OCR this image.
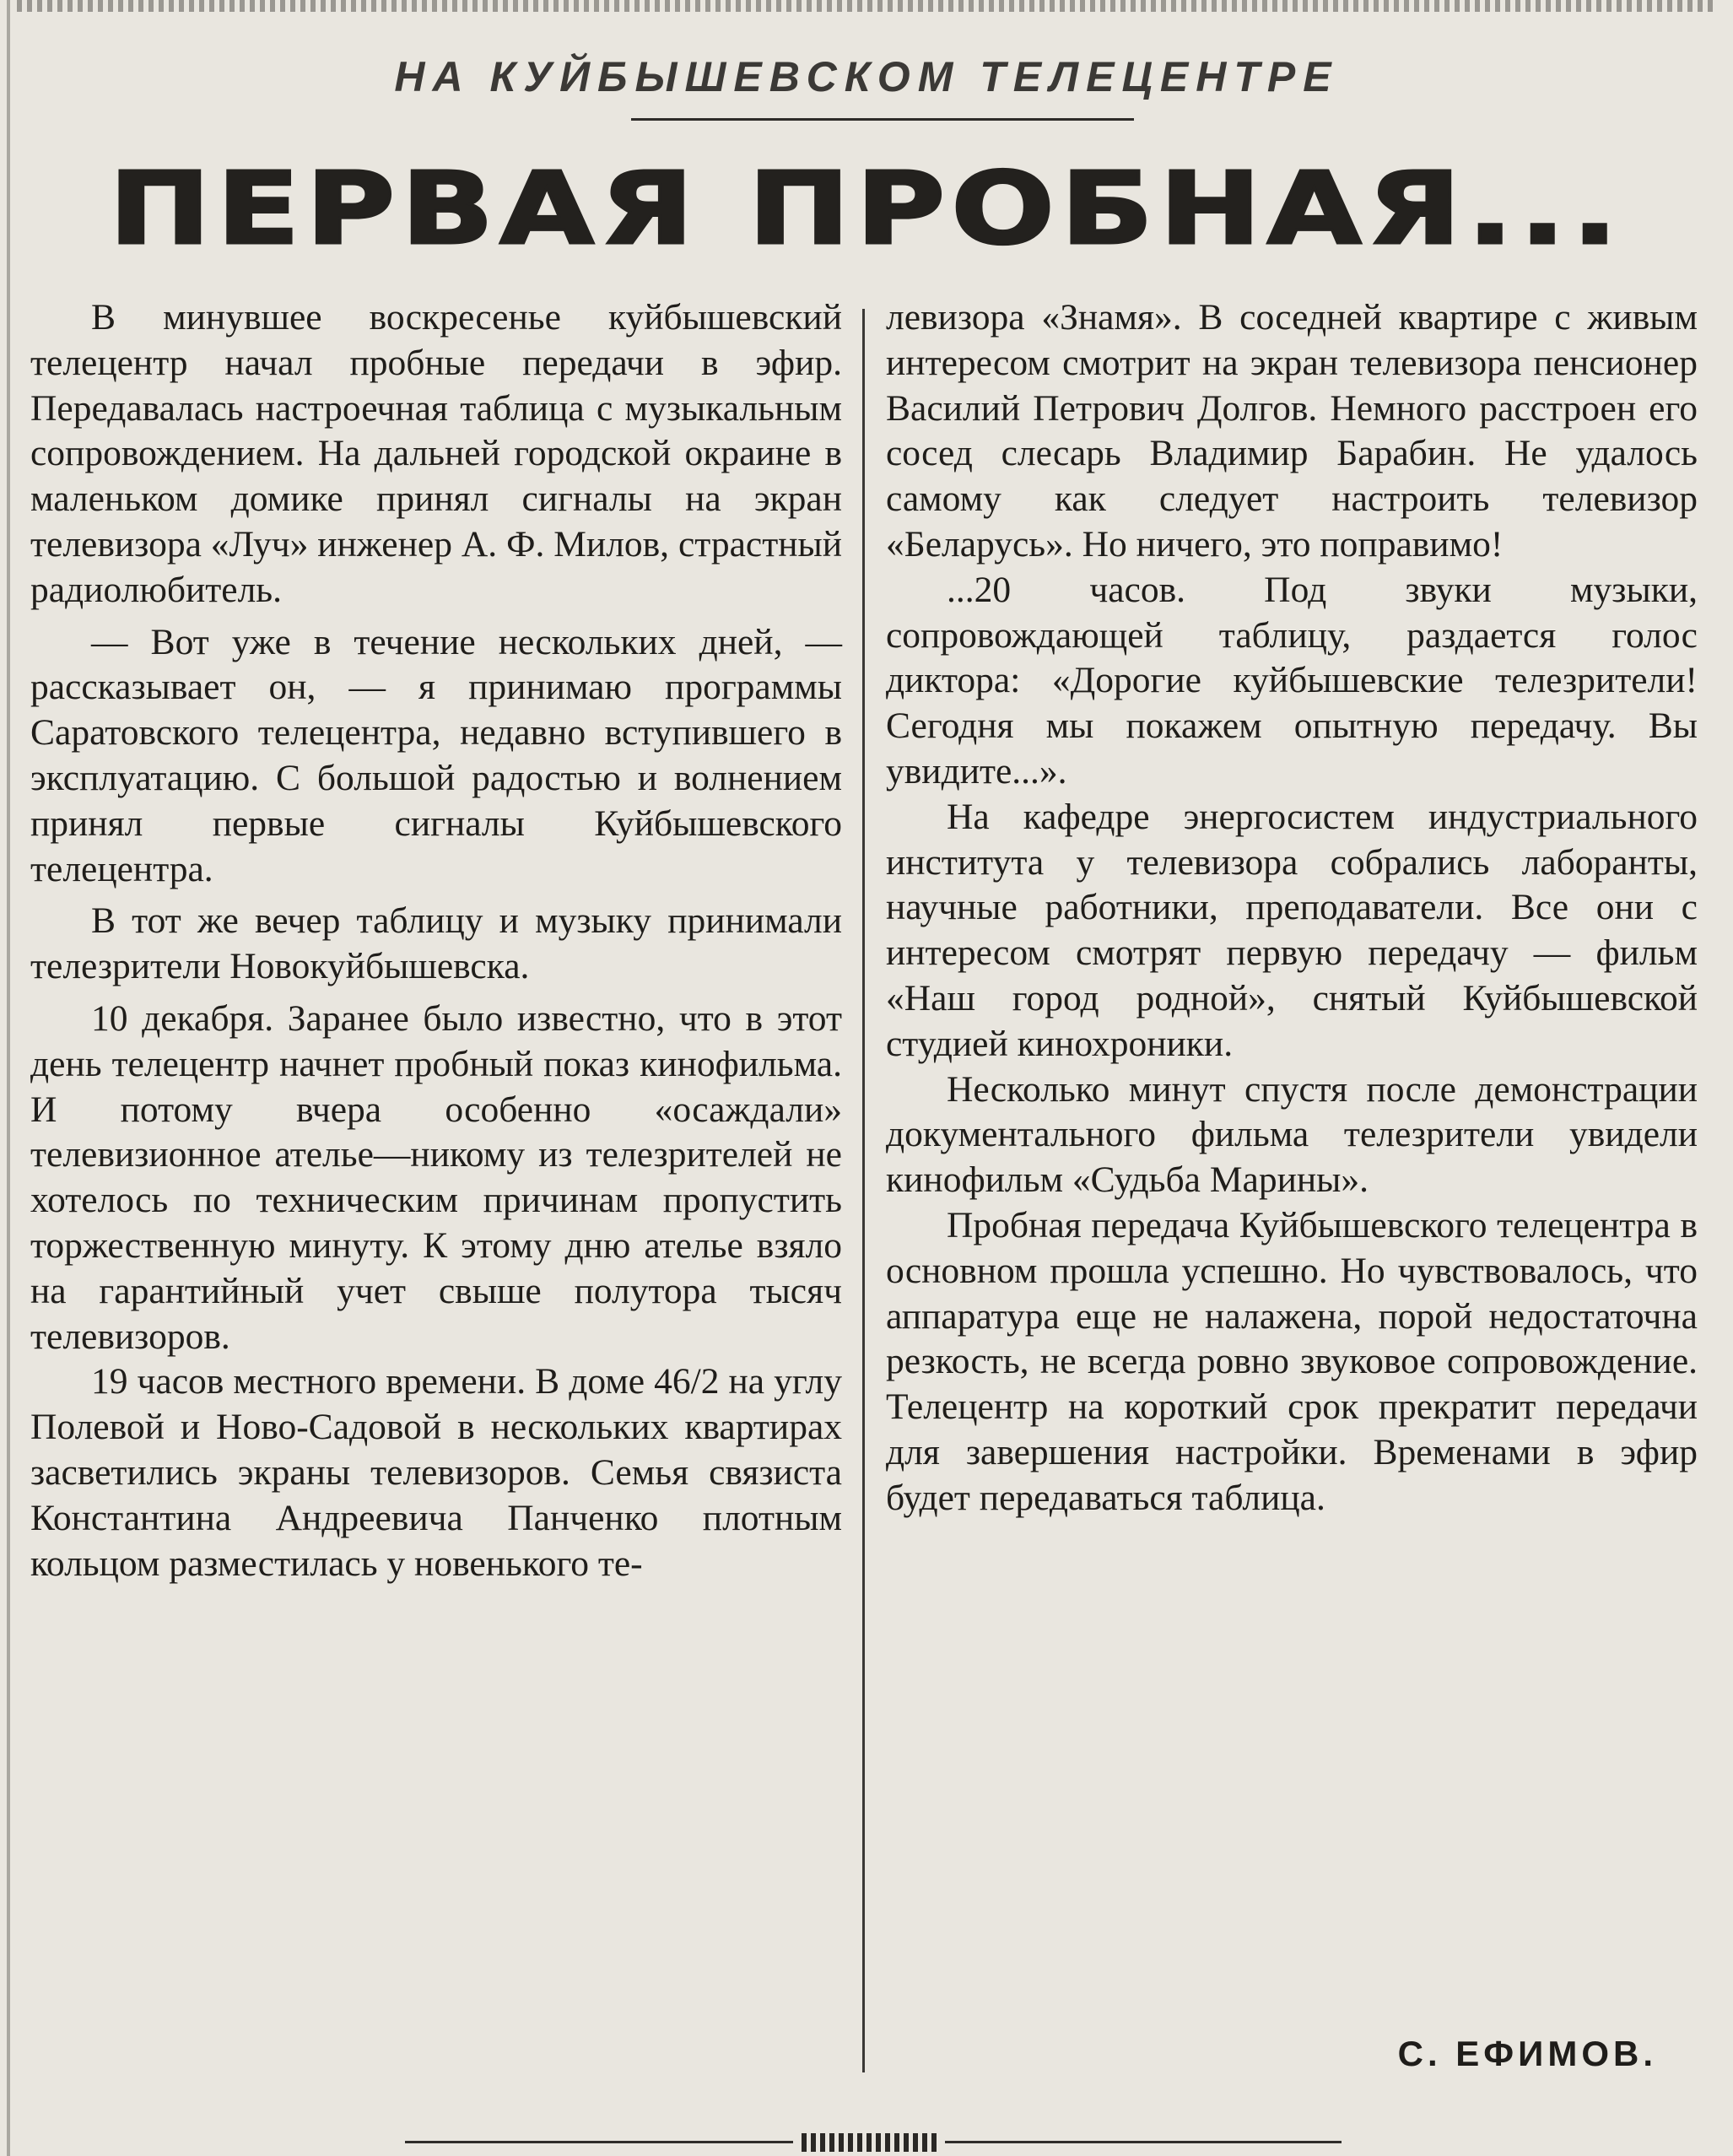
НА КУЙБЫШЕВСКОМ ТЕЛЕЦЕНТРЕ
ПЕРВАЯ ПРОБНАЯ...

В минувшее воскресенье куйбышевский телецентр начал пробные передачи в эфир. Передавалась настроечная таблица с музыкальным сопровождением. На дальней городской окраине в маленьком домике принял сигналы на экран телевизора «Луч» инженер А. Ф. Милов, страстный радиолюбитель.

— Вот уже в течение нескольких дней, — рассказывает он, — я принимаю программы Саратовского телецентра, недавно вступившего в эксплуатацию. С большой радостью и волнением принял первые сигналы Куйбышевского телецентра.

В тот же вечер таблицу и музыку принимали телезрители Новокуйбышевска.

10 декабря. Заранее было известно, что в этот день телецентр начнет пробный показ кинофильма. И потому вчера особенно «осаждали» телевизионное ателье—никому из телезрителей не хотелось по техническим причинам пропустить торжественную минуту. К этому дню ателье взяло на гарантийный учет свыше полутора тысяч телевизоров.

19 часов местного времени. В доме 46/2 на углу Полевой и Ново-Садовой в нескольких квартирах засветились экраны телевизоров. Семья связиста Константина Андреевича Панченко плотным кольцом разместилась у новенького те-

левизора «Знамя». В соседней квартире с живым интересом смотрит на экран телевизора пенсионер Василий Петрович Долгов. Немного расстроен его сосед слесарь Владимир Барабин. Не удалось самому как следует настроить телевизор «Беларусь». Но ничего, это поправимо!

...20 часов. Под звуки музыки, сопровождающей таблицу, раздается голос диктора: «Дорогие куйбышевские телезрители! Сегодня мы покажем опытную передачу. Вы увидите...».

На кафедре энергосистем индустриального института у телевизора собрались лаборанты, научные работники, преподаватели. Все они с интересом смотрят первую передачу — фильм «Наш город родной», снятый Куйбышевской студией кинохроники.

Несколько минут спустя после демонстрации документального фильма телезрители увидели кинофильм «Судьба Марины».

Пробная передача Куйбышевского телецентра в основном прошла успешно. Но чувствовалось, что аппаратура еще не налажена, порой недостаточна резкость, не всегда ровно звуковое сопровождение. Телецентр на короткий срок прекратит передачи для завершения настройки. Временами в эфир будет передаваться таблица.

С. ЕФИМОВ.
